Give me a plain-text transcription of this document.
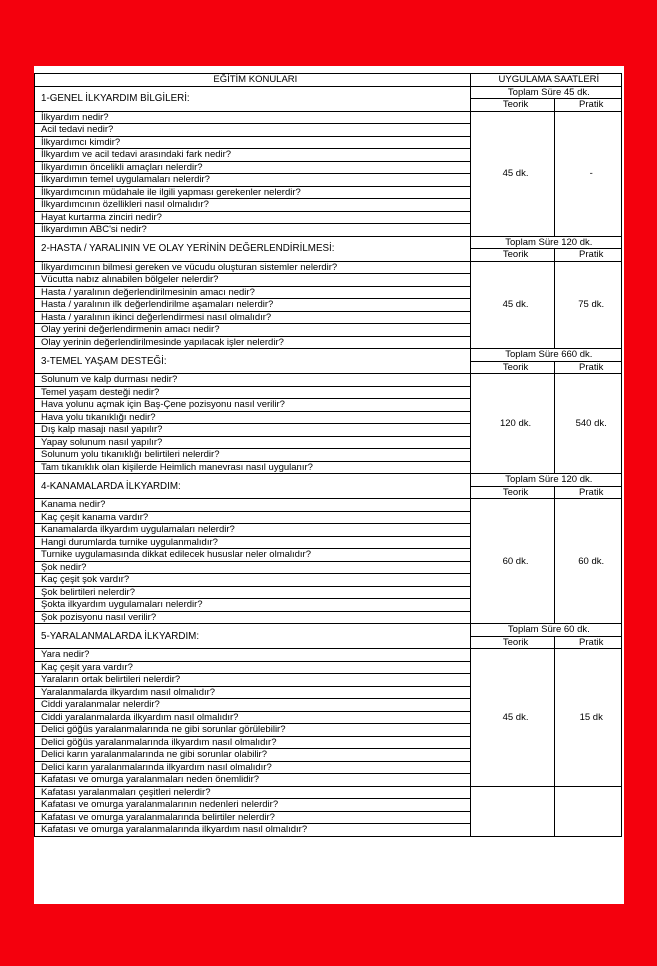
EĞİTİM KONULARI	UYGULAMA SAATLERİ	
1-GENEL İLKYARDIM BİLGİLERİ:	Toplam Süre 45 dk.	
	Teorik	Pratik
İlkyardım nedir?	45 dk.	-
Acil tedavi nedir?		
İlkyardımcı kimdir?		
İlkyardım ve acil tedavi arasındaki fark nedir?		
İlkyardımın öncelikli amaçları nelerdir?		
İlkyardımın temel uygulamaları nelerdir?		
İlkyardımcının müdahale ile ilgili yapması gerekenler nelerdir?		
İlkyardımcının özellikleri nasıl olmalıdır?		
Hayat kurtarma zinciri nedir?		
İlkyardımın ABC'si nedir?		
2-HASTA / YARALININ VE OLAY YERİNİN DEĞERLENDİRİLMESİ:	Toplam Süre 120 dk.	
	Teorik	Pratik
İlkyardımcının bilmesi gereken ve vücudu oluşturan sistemler nelerdir?	45 dk.	75 dk.
Vücutta nabız alınabilen bölgeler nelerdir?		
Hasta / yaralının değerlendirilmesinin amacı nedir?		
Hasta / yaralının ilk değerlendirilme aşamaları nelerdir?		
Hasta / yaralının ikinci değerlendirmesi nasıl olmalıdır?		
Olay yerini değerlendirmenin amacı nedir?		
Olay yerinin değerlendirilmesinde yapılacak işler nelerdir?		
3-TEMEL YAŞAM DESTEĞİ:	Toplam Süre 660 dk.	
	Teorik	Pratik
Solunum ve kalp durması nedir?	120 dk.	540 dk.
Temel yaşam desteği nedir?		
Hava yolunu açmak için Baş-Çene pozisyonu nasıl verilir?		
Hava yolu tıkanıklığı nedir?		
Dış kalp masajı nasıl yapılır?		
Yapay solunum nasıl yapılır?		
Solunum yolu tıkanıklığı belirtileri nelerdir?		
Tam tıkanıklık olan kişilerde Heimlich manevrası nasıl uygulanır?		
4-KANAMALARDA İLKYARDIM:	Toplam Süre 120 dk.	
	Teorik	Pratik
Kanama nedir?	60 dk.	60 dk.
Kaç çeşit kanama vardır?		
Kanamalarda ilkyardım uygulamaları nelerdir?		
Hangi durumlarda turnike uygulanmalıdır?		
Turnike uygulamasında dikkat edilecek hususlar neler olmalıdır?		
Şok nedir?		
Kaç çeşit şok vardır?		
Şok belirtileri nelerdir?		
Şokta ilkyardım uygulamaları nelerdir?		
Şok pozisyonu nasıl verilir?		
5-YARALANMALARDA İLKYARDIM:	Toplam Süre 60 dk.	
	Teorik	Pratik
Yara nedir?	45 dk.	15 dk
Kaç çeşit yara vardır?		
Yaraların ortak belirtileri nelerdir?		
Yaralanmalarda ilkyardım nasıl olmalıdır?		
Ciddi yaralanmalar nelerdir?		
Ciddi yaralanmalarda ilkyardım nasıl olmalıdır?		
Delici göğüs yaralanmalarında ne gibi sorunlar görülebilir?		
Delici göğüs yaralanmalarında ilkyardım nasıl olmalıdır?		
Delici karın yaralanmalarında ne gibi sorunlar olabilir?		
Delici karın yaralanmalarında ilkyardım nasıl olmalıdır?		
Kafatası ve omurga yaralanmaları neden önemlidir?		
Kafatası yaralanmaları çeşitleri nelerdir?		
Kafatası ve omurga yaralanmalarının nedenleri nelerdir?		
Kafatası ve omurga yaralanmalarında belirtiler nelerdir?		
Kafatası ve omurga yaralanmalarında ilkyardım nasıl olmalıdır?		
